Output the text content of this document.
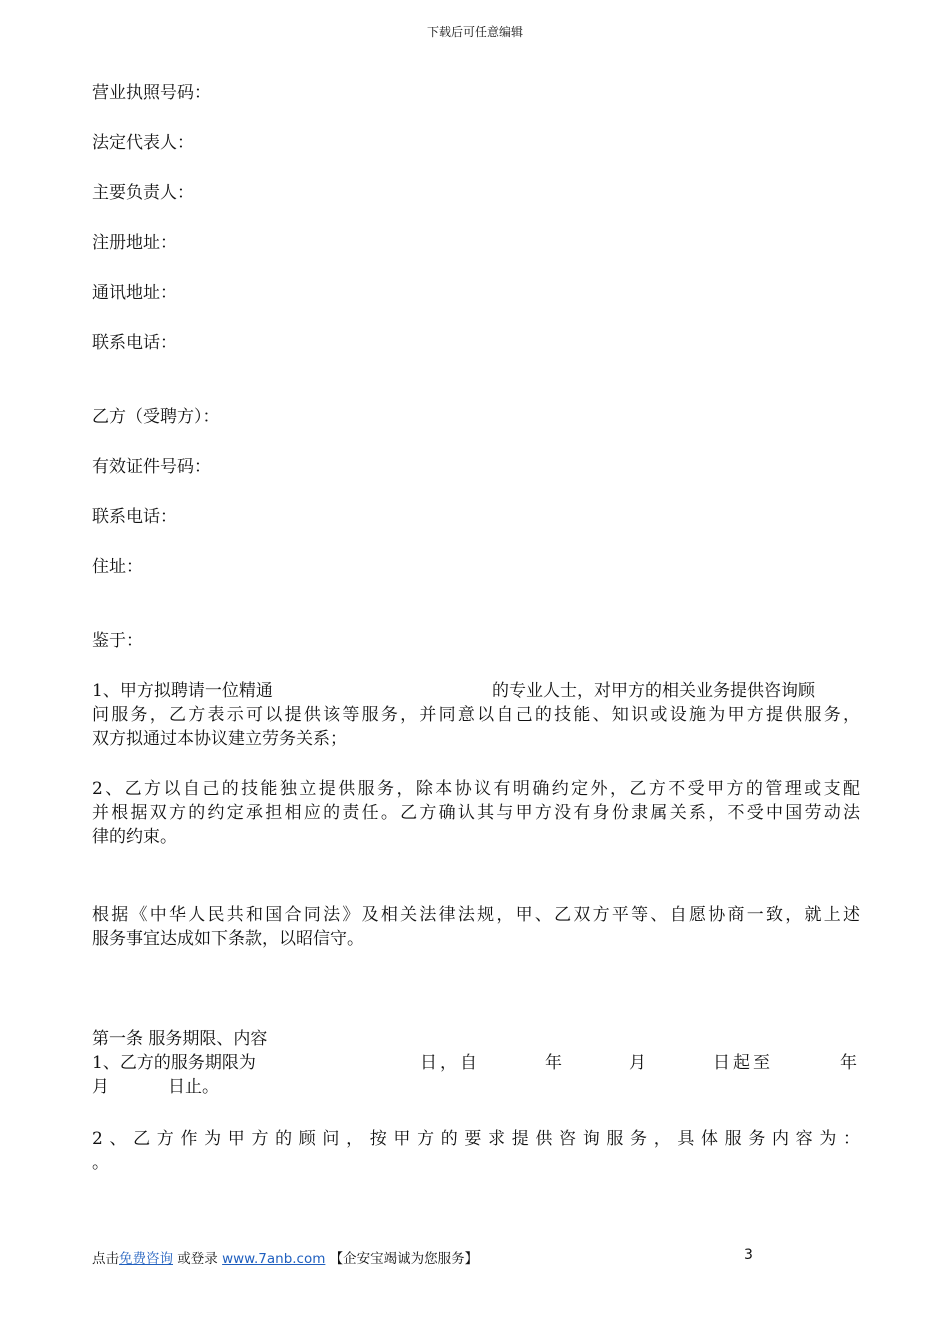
下载后可任意编辑
营业执照号码：
法定代表人：
主要负责人：
注册地址：
通讯地址：
联系电话：
乙方（受聘方）：
有效证件号码：
联系电话：
住址：
鉴于：
1、甲方拟聘请一位精通	的专业人士，对甲方的相关业务提供咨询顾
问服务，乙方表示可以提供该等服务，并同意以自己的技能、知识或设施为甲方提供服务，
双方拟通过本协议建立劳务关系；
2、乙方以自己的技能独立提供服务，除本协议有明确约定外，乙方不受甲方的管理或支配
并根据双方的约定承担相应的责任。乙方确认其与甲方没有身份隶属关系，不受中国劳动法
律的约束。
根据《中华人民共和国合同法》及相关法律法规，甲、乙双方平等、自愿协商一致，就上述
服务事宜达成如下条款，以昭信守。
第一条 服务期限、内容
1、乙方的服务期限为	日，自	年	月	日起至	年
月	日止。
2、乙方作为甲方的顾问，按甲方的要求提供咨询服务，具体服务内容为：
。
点击免费咨询 或登录 www.7anb.com 【企安宝竭诚为您服务】	3
